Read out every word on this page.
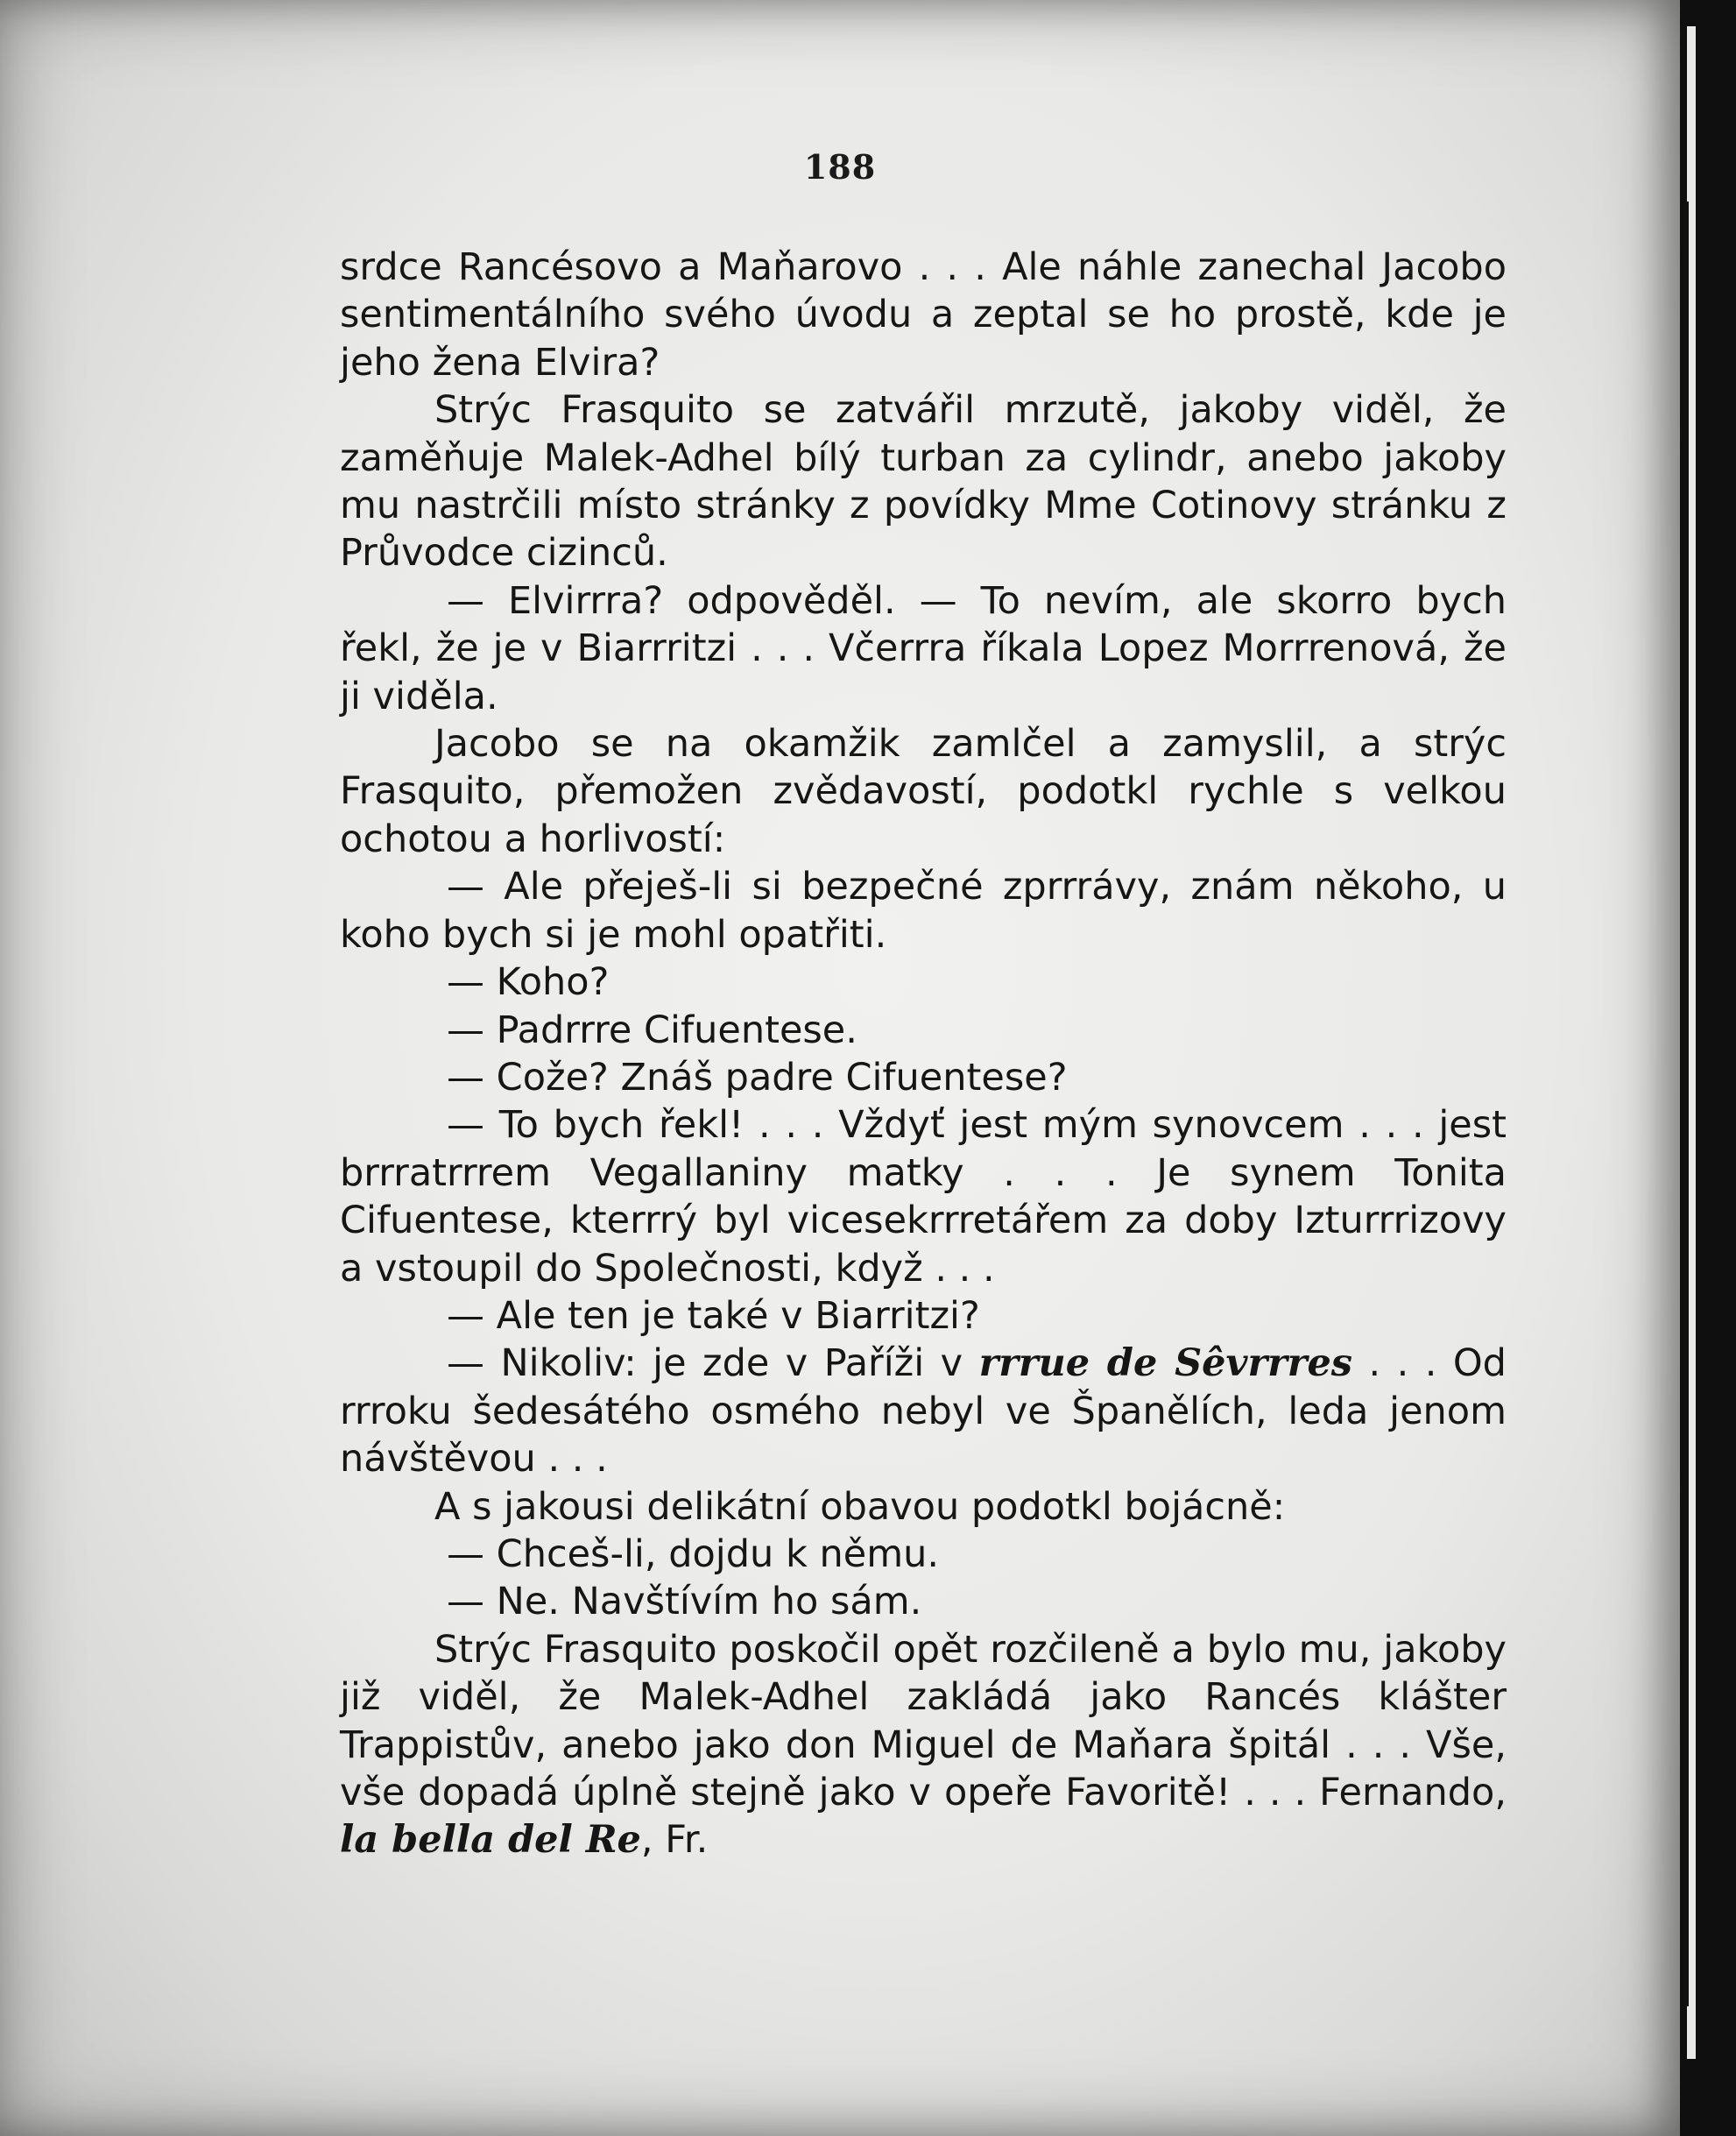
188

srdce Rancésovo a Maňarovo . . . Ale náhle zanechal Jacobo sentimentálního svého úvodu a zeptal se ho prostě, kde je jeho žena Elvira?

Strýc Frasquito se zatvářil mrzutě, jakoby viděl, že zaměňuje Malek-Adhel bílý turban za cylindr, anebo jakoby mu nastrčili místo stránky z povídky Mme Cotinovy stránku z Průvodce cizinců.

— Elvirrra? odpověděl. — To nevím, ale skorro bych řekl, že je v Biarrritzi . . . Včerrra říkala Lopez Morrrenová, že ji viděla.

Jacobo se na okamžik zamlčel a zamyslil, a strýc Frasquito, přemožen zvědavostí, podotkl rychle s velkou ochotou a horlivostí:

— Ale přeješ-li si bezpečné zprrrávy, znám někoho, u koho bych si je mohl opatřiti.

— Koho?

— Padrrre Cifuentese.

— Cože? Znáš padre Cifuentese?

— To bych řekl! . . . Vždyť jest mým synovcem . . . jest brrratrrrem Vegallaniny matky . . . Je synem Tonita Cifuentese, kterrrý byl vicesekrrretářem za doby Izturrrizovy a vstoupil do Společnosti, když . . .

— Ale ten je také v Biarritzi?

— Nikoliv: je zde v Paříži v rrrue de Sêvrrres . . . Od rrroku šedesátého osmého nebyl ve Španělích, leda jenom návštěvou . . .

A s jakousi delikátní obavou podotkl bojácně:

— Chceš-li, dojdu k němu.

— Ne. Navštívím ho sám.

Strýc Frasquito poskočil opět rozčileně a bylo mu, jakoby již viděl, že Malek-Adhel zakládá jako Rancés klášter Trappistův, anebo jako don Miguel de Maňara špitál . . . Vše, vše dopadá úplně stejně jako v opeře Favoritě! . . . Fernando, la bella del Re, Fr.
